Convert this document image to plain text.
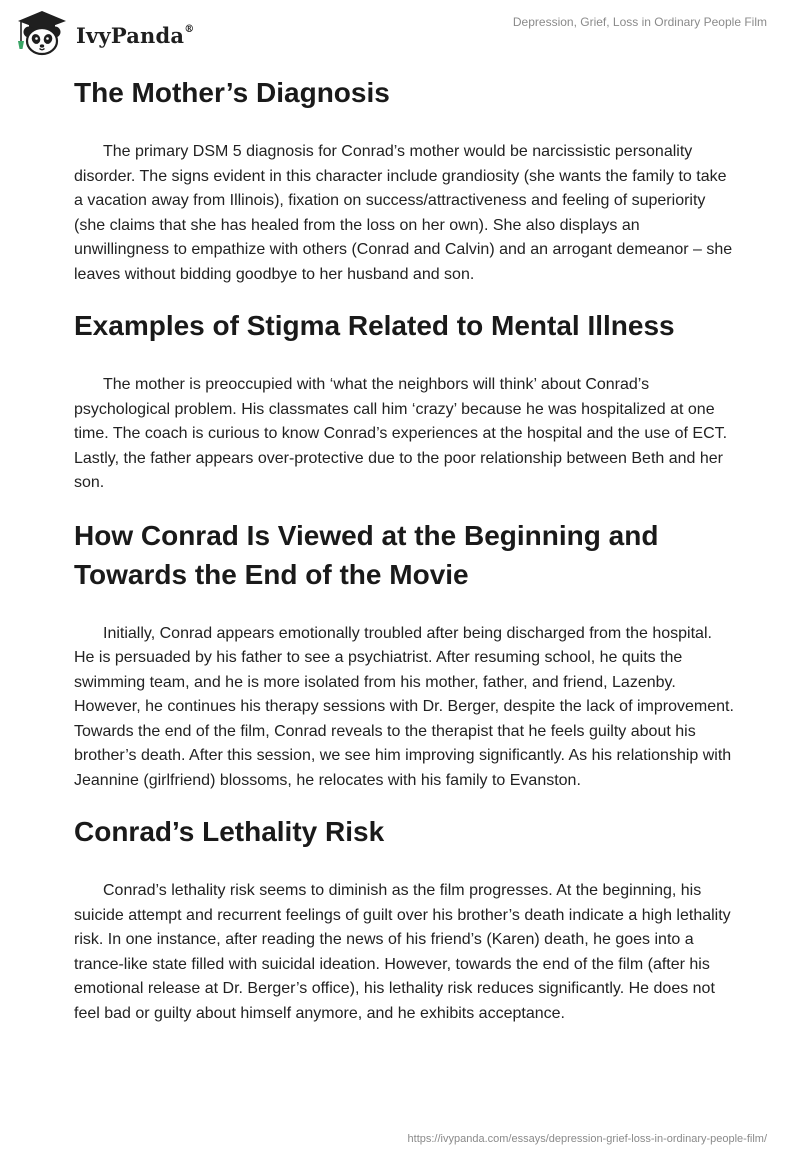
IvyPanda®	Depression, Grief, Loss in Ordinary People Film
The Mother’s Diagnosis

The primary DSM 5 diagnosis for Conrad’s mother would be narcissistic personality disorder. The signs evident in this character include grandiosity (she wants the family to take a vacation away from Illinois), fixation on success/attractiveness and feeling of superiority (she claims that she has healed from the loss on her own). She also displays an unwillingness to empathize with others (Conrad and Calvin) and an arrogant demeanor – she leaves without bidding goodbye to her husband and son.

Examples of Stigma Related to Mental Illness

The mother is preoccupied with ‘what the neighbors will think’ about Conrad’s psychological problem. His classmates call him ‘crazy’ because he was hospitalized at one time. The coach is curious to know Conrad’s experiences at the hospital and the use of ECT. Lastly, the father appears over-protective due to the poor relationship between Beth and her son.

How Conrad Is Viewed at the Beginning and Towards the End of the Movie

Initially, Conrad appears emotionally troubled after being discharged from the hospital. He is persuaded by his father to see a psychiatrist. After resuming school, he quits the swimming team, and he is more isolated from his mother, father, and friend, Lazenby. However, he continues his therapy sessions with Dr. Berger, despite the lack of improvement. Towards the end of the film, Conrad reveals to the therapist that he feels guilty about his brother’s death. After this session, we see him improving significantly. As his relationship with Jeannine (girlfriend) blossoms, he relocates with his family to Evanston.

Conrad’s Lethality Risk

Conrad’s lethality risk seems to diminish as the film progresses. At the beginning, his suicide attempt and recurrent feelings of guilt over his brother’s death indicate a high lethality risk. In one instance, after reading the news of his friend’s (Karen) death, he goes into a trance-like state filled with suicidal ideation. However, towards the end of the film (after his emotional release at Dr. Berger’s office), his lethality risk reduces significantly. He does not feel bad or guilty about himself anymore, and he exhibits acceptance.

https://ivypanda.com/essays/depression-grief-loss-in-ordinary-people-film/
